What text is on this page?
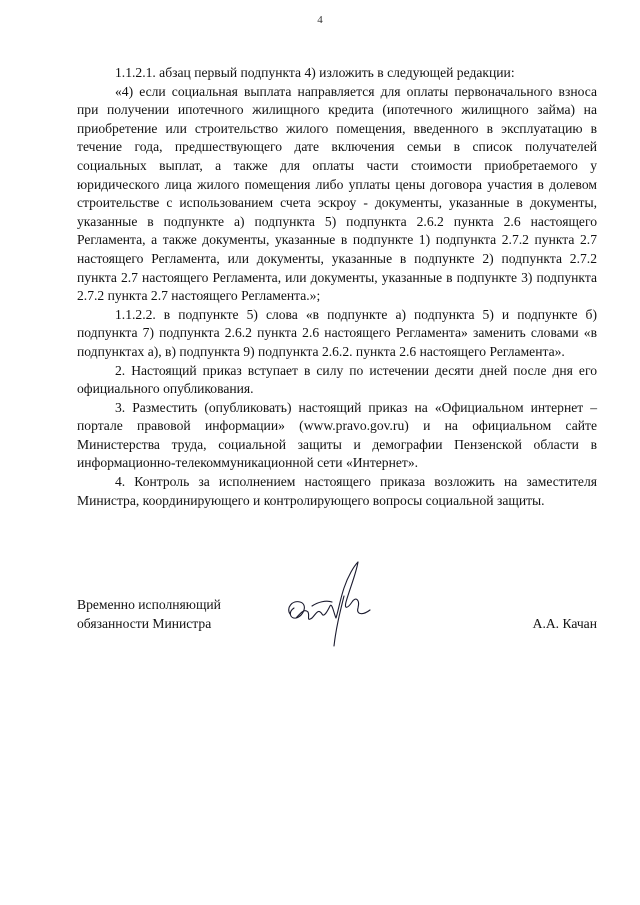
4

1.1.2.1. абзац первый подпункта 4) изложить в следующей редакции:

«4) если социальная выплата направляется для оплаты первоначального взноса при получении ипотечного жилищного кредита (ипотечного жилищного займа) на приобретение или строительство жилого помещения, введенного в эксплуатацию в течение года, предшествующего дате включения семьи в список получателей социальных выплат, а также для оплаты части стоимости приобретаемого у юридического лица жилого помещения либо уплаты цены договора участия в долевом строительстве с использованием счета эскроу - документы, указанные в документы, указанные в подпункте а) подпункта 5) подпункта 2.6.2 пункта 2.6 настоящего Регламента, а также документы, указанные в подпункте 1) подпункта 2.7.2 пункта 2.7 настоящего Регламента, или документы, указанные в подпункте 2) подпункта 2.7.2 пункта 2.7 настоящего Регламента, или документы, указанные в подпункте 3) подпункта 2.7.2 пункта 2.7 настоящего Регламента.»;

1.1.2.2. в подпункте 5) слова «в подпункте а) подпункта 5) и подпункте б) подпункта 7) подпункта 2.6.2 пункта 2.6 настоящего Регламента» заменить словами «в подпунктах а), в) подпункта 9) подпункта 2.6.2. пункта 2.6 настоящего Регламента».

2. Настоящий приказ вступает в силу по истечении десяти дней после дня его официального опубликования.

3. Разместить (опубликовать) настоящий приказ на «Официальном интернет – портале правовой информации» (www.pravo.gov.ru) и на официальном сайте Министерства труда, социальной защиты и демографии Пензенской области в информационно-телекоммуникационной сети «Интернет».

4. Контроль за исполнением настоящего приказа возложить на заместителя Министра, координирующего и контролирующего вопросы социальной защиты.

Временно исполняющий
обязанности Министра	А.А. Качан
